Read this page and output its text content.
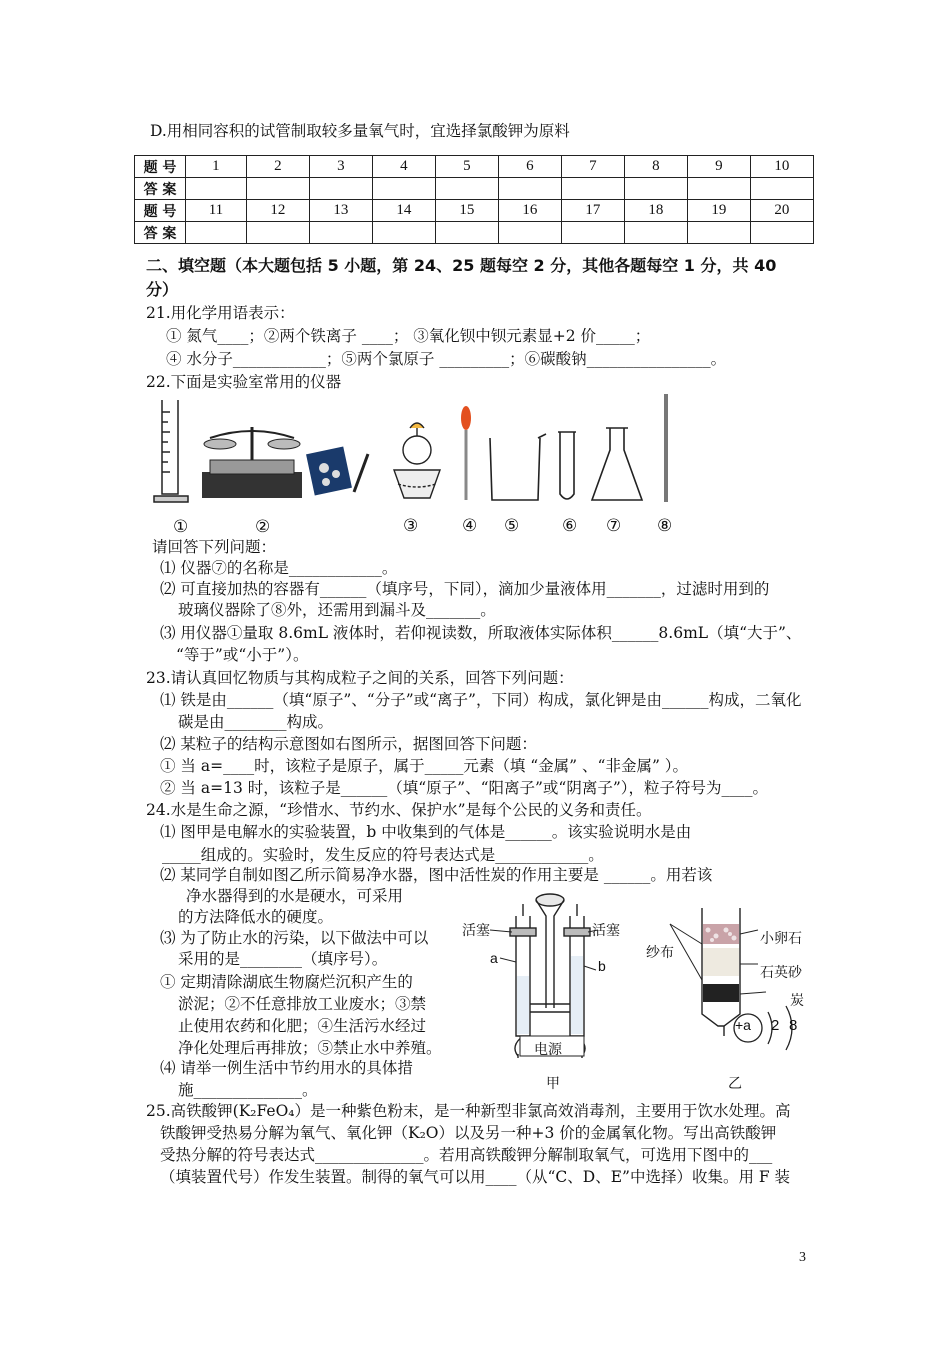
D.用相同容积的试管制取较多量氧气时，宜选择氯酸钾为原料
题 号	1	2	3	4	5	6	7	8	9	10
答 案										
题 号	11	12	13	14	15	16	17	18	19	20
答 案										
二、填空题（本大题包括 5 小题，第 24、25 题每空 2 分，其他各题每空 1 分，共 40
分）
21.用化学用语表示：
① 氮气____；②两个铁离子 ____； ③氧化钡中钡元素显+2 价_____；
④ 水分子____________；⑤两个氯原子 _________；⑥碳酸钠________________。
22.下面是实验室常用的仪器
①	②	③	④ ⑤	⑥ ⑦ ⑧
请回答下列问题：
⑴ 仪器⑦的名称是____________。
⑵ 可直接加热的容器有______（填序号，下同），滴加少量液体用_______，过滤时用到的
玻璃仪器除了⑧外，还需用到漏斗及_______。
⑶ 用仪器①量取 8.6mL 液体时，若仰视读数，所取液体实际体积______8.6mL（填“大于”、
“等于”或“小于”）。
23.请认真回忆物质与其构成粒子之间的关系，回答下列问题：
⑴ 铁是由______（填“原子”、“分子”或“离子”，下同）构成，氯化钾是由______构成，二氧化
碳是由________构成。
⑵ 某粒子的结构示意图如右图所示，据图回答下问题：
① 当 a=____时，该粒子是原子，属于_____元素（填 “金属” 、“非金属” ）。
② 当 a=13 时，该粒子是______（填“原子”、“阳离子”或“阴离子”），粒子符号为____。
24.水是生命之源，“珍惜水、节约水、保护水”是每个公民的义务和责任。
⑴ 图甲是电解水的实验装置，b 中收集到的气体是______。该实验说明水是由
_____组成的。实验时，发生反应的符号表达式是____________。
⑵ 某同学自制如图乙所示简易净水器，图中活性炭的作用主要是 ______。用若该
净水器得到的水是硬水，可采用
的方法降低水的硬度。
⑶ 为了防止水的污染，以下做法中可以
采用的是________（填序号）。
① 定期清除湖底生物腐烂沉积产生的
淤泥；②不任意排放工业废水；③禁
止使用农药和化肥；④生活污水经过
净化处理后再排放；⑤禁止水中养殖。
⑷ 请举一例生活中节约用水的具体措
施______________。
活塞	活塞
a	b
电源
甲
纱布
小卵石
石英砂
炭
乙
+a 2 8
25.高铁酸钾(K₂FeO₄）是一种紫色粉末，是一种新型非氯高效消毒剂，主要用于饮水处理。高
铁酸钾受热易分解为氧气、氧化钾（K₂O）以及另一种+3 价的金属氧化物。写出高铁酸钾
受热分解的符号表达式______________。若用高铁酸钾分解制取氧气，可选用下图中的___
（填装置代号）作发生装置。制得的氧气可以用____（从“C、D、E”中选择）收集。用 F 装
3
